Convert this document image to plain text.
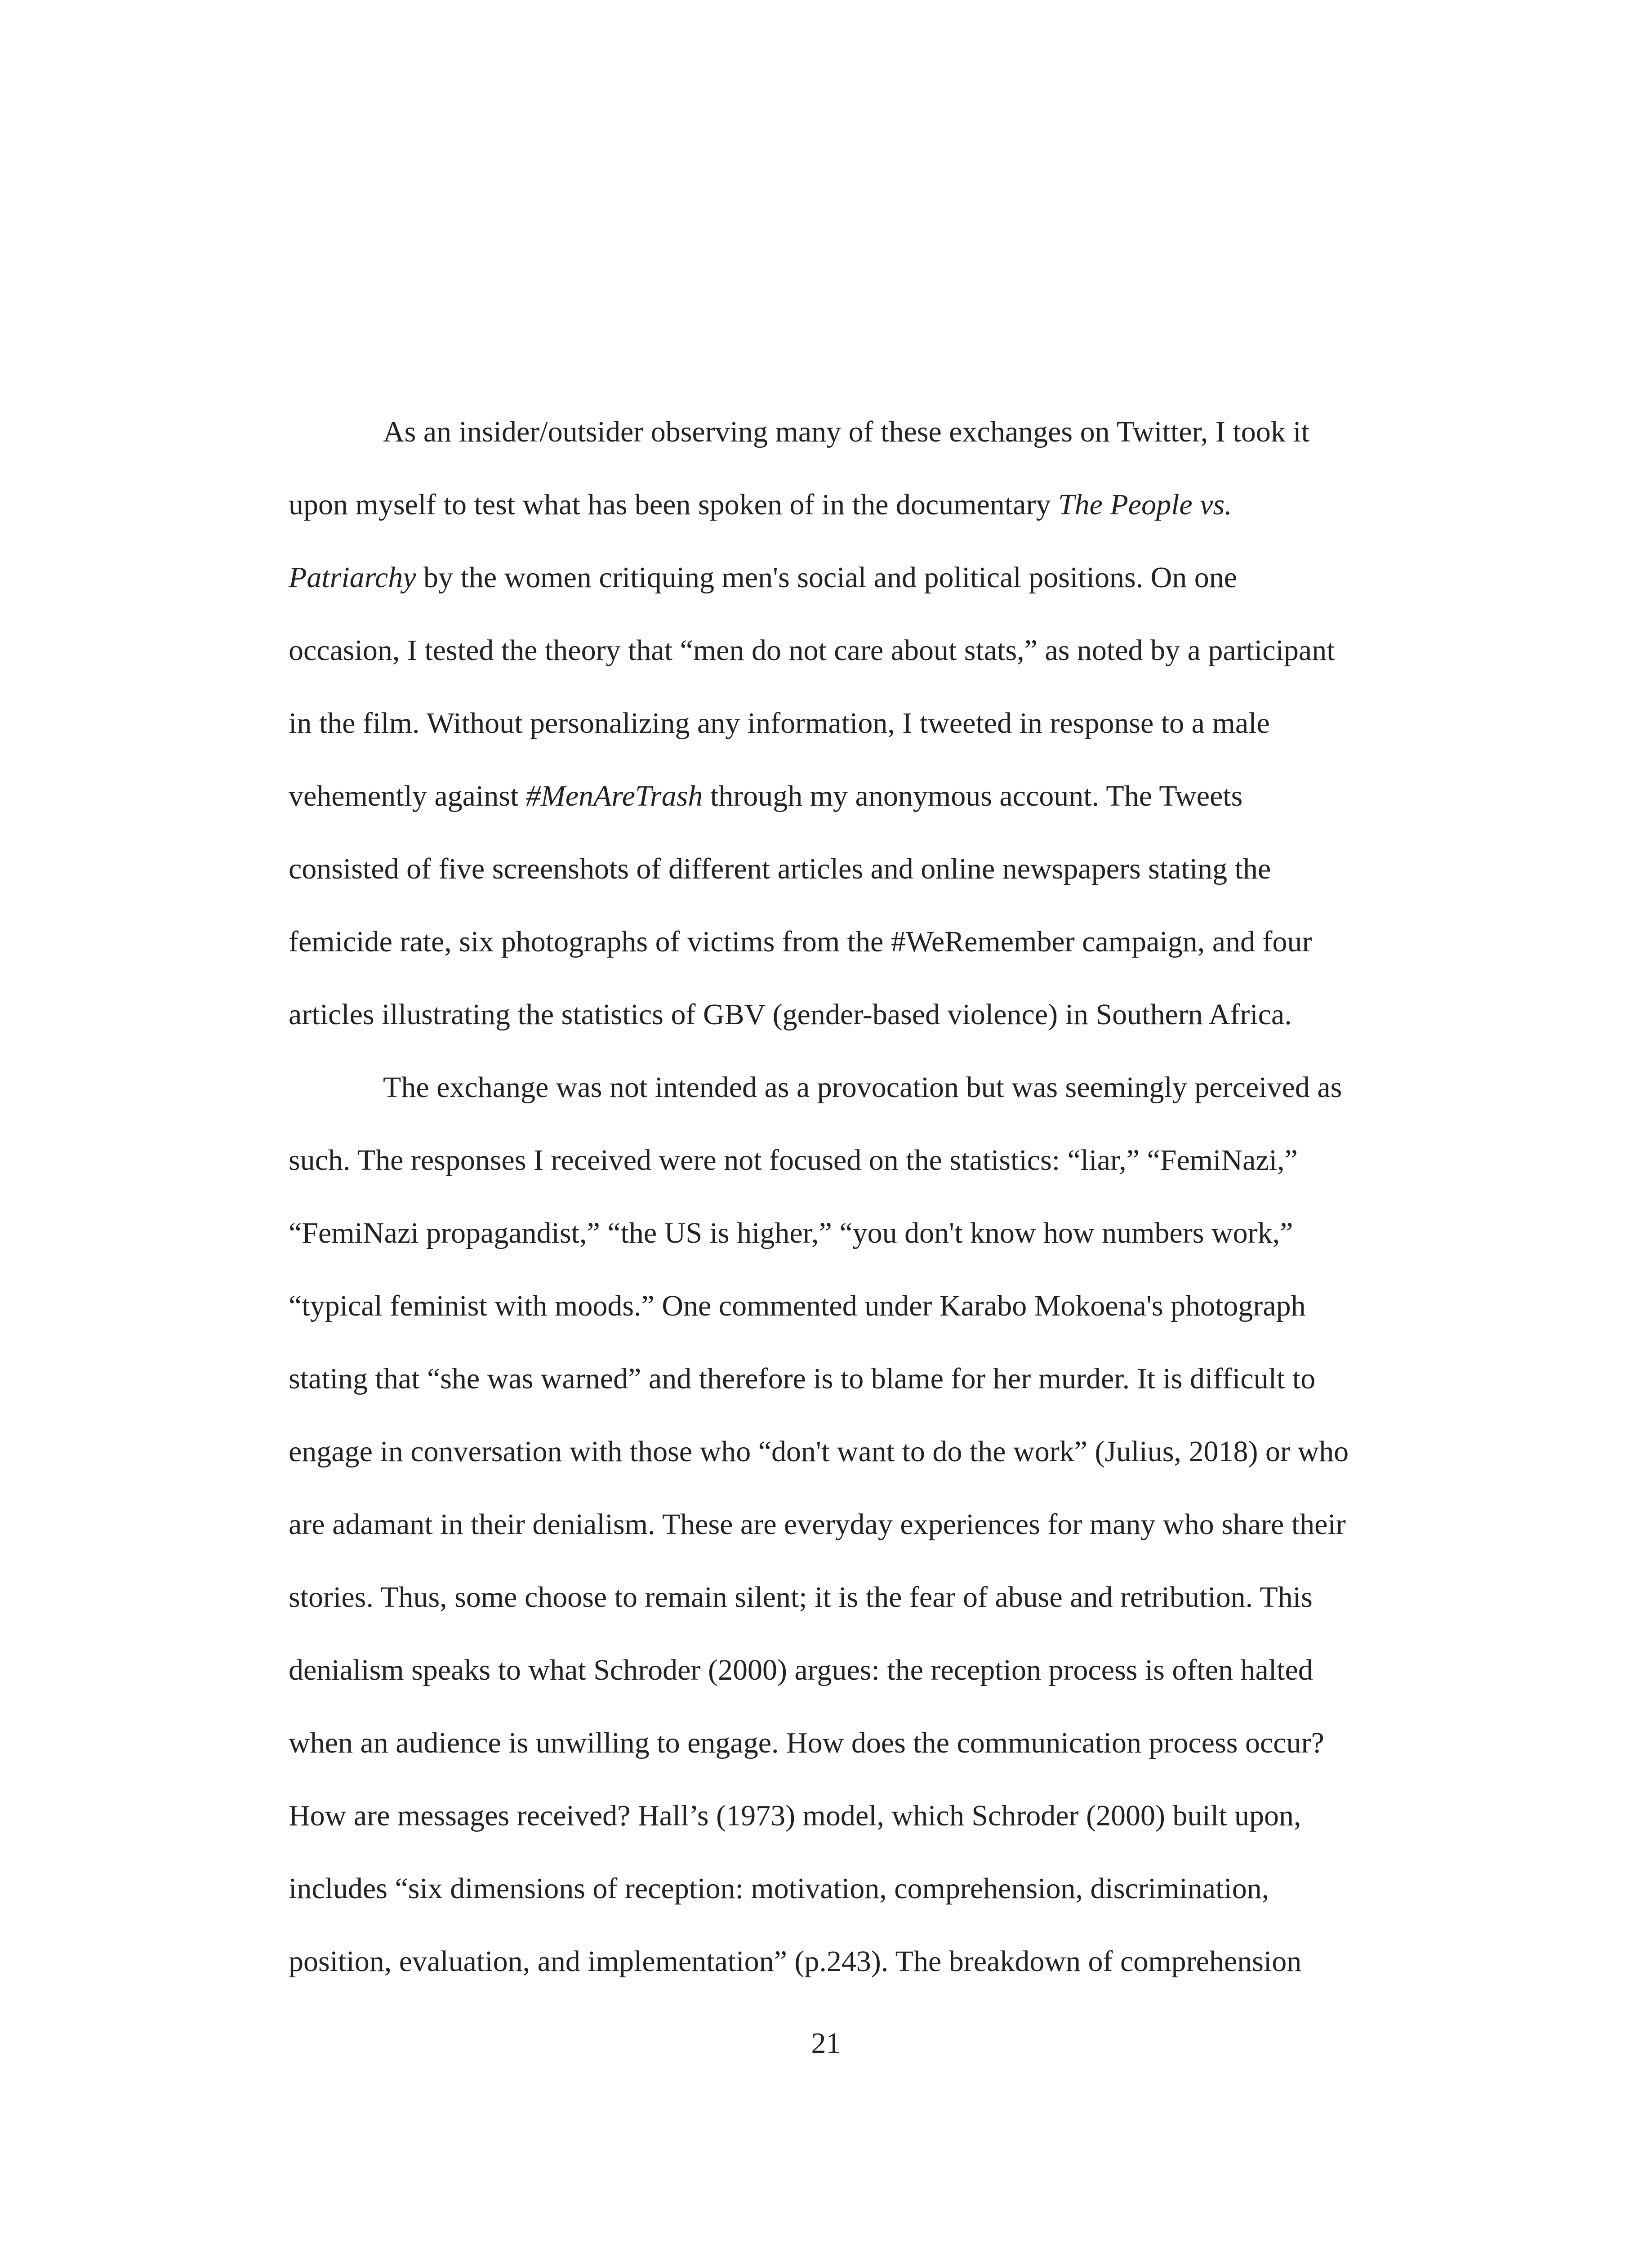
As an insider/outsider observing many of these exchanges on Twitter, I took it
upon myself to test what has been spoken of in the documentary The People vs.
Patriarchy by the women critiquing men's social and political positions. On one
occasion, I tested the theory that “men do not care about stats,” as noted by a participant
in the film. Without personalizing any information, I tweeted in response to a male
vehemently against #MenAreTrash through my anonymous account. The Tweets
consisted of five screenshots of different articles and online newspapers stating the
femicide rate, six photographs of victims from the #WeRemember campaign, and four
articles illustrating the statistics of GBV (gender-based violence) in Southern Africa.
The exchange was not intended as a provocation but was seemingly perceived as
such. The responses I received were not focused on the statistics: “liar,” “FemiNazi,”
“FemiNazi propagandist,” “the US is higher,” “you don't know how numbers work,”
“typical feminist with moods.” One commented under Karabo Mokoena's photograph
stating that “she was warned” and therefore is to blame for her murder. It is difficult to
engage in conversation with those who “don't want to do the work” (Julius, 2018) or who
are adamant in their denialism. These are everyday experiences for many who share their
stories. Thus, some choose to remain silent; it is the fear of abuse and retribution. This
denialism speaks to what Schroder (2000) argues: the reception process is often halted
when an audience is unwilling to engage. How does the communication process occur?
How are messages received? Hall’s (1973) model, which Schroder (2000) built upon,
includes “six dimensions of reception: motivation, comprehension, discrimination,
position, evaluation, and implementation” (p.243). The breakdown of comprehension
21
